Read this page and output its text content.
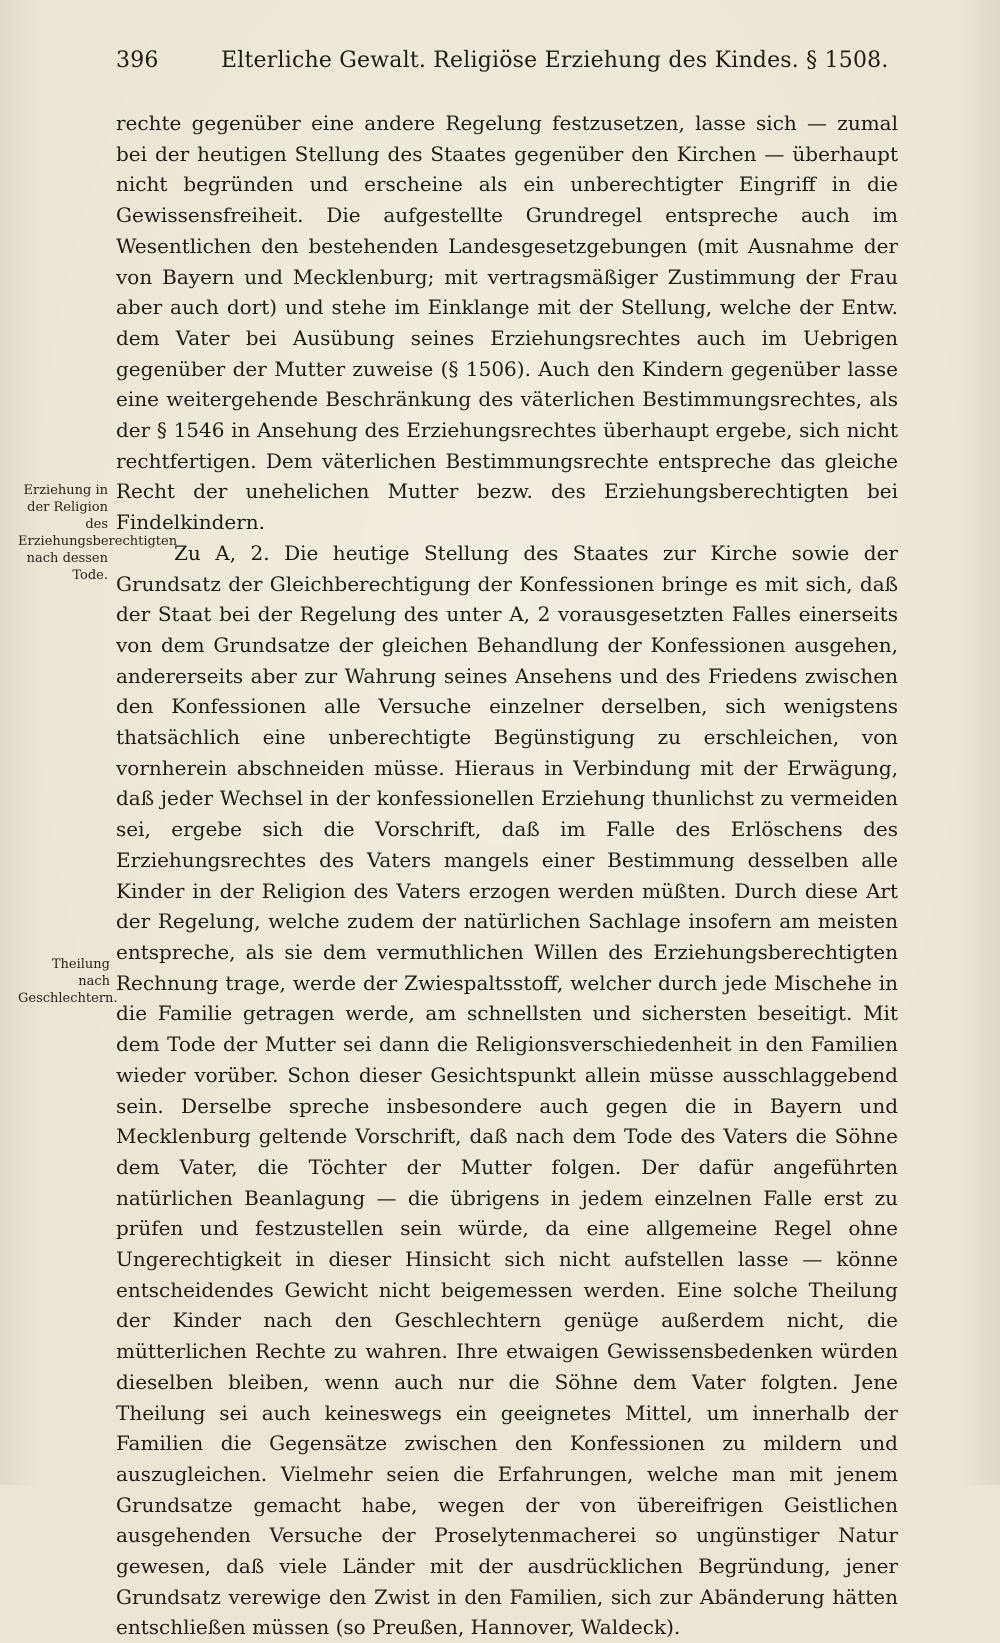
396	Elterliche Gewalt. Religiöse Erziehung des Kindes. § 1508.
Erziehung in der Religion des Erziehungsberechtigten nach dessen Tode.
Theilung nach Geschlechtern.

rechte gegenüber eine andere Regelung festzusetzen, lasse sich — zumal bei der heutigen Stellung des Staates gegenüber den Kirchen — überhaupt nicht begründen und erscheine als ein unberechtigter Eingriff in die Gewissensfreiheit. Die aufgestellte Grundregel entspreche auch im Wesentlichen den bestehenden Landesgesetzgebungen (mit Ausnahme der von Bayern und Mecklenburg; mit vertragsmäßiger Zustimmung der Frau aber auch dort) und stehe im Einklange mit der Stellung, welche der Entw. dem Vater bei Ausübung seines Erziehungsrechtes auch im Uebrigen gegenüber der Mutter zuweise (§ 1506). Auch den Kindern gegenüber lasse eine weitergehende Beschränkung des väterlichen Bestimmungsrechtes, als der § 1546 in Ansehung des Erziehungsrechtes überhaupt ergebe, sich nicht rechtfertigen. Dem väterlichen Bestimmungsrechte entspreche das gleiche Recht der unehelichen Mutter bezw. des Erziehungsberechtigten bei Findelkindern.

Zu A, 2. Die heutige Stellung des Staates zur Kirche sowie der Grundsatz der Gleichberechtigung der Konfessionen bringe es mit sich, daß der Staat bei der Regelung des unter A, 2 vorausgesetzten Falles einerseits von dem Grundsatze der gleichen Behandlung der Konfessionen ausgehen, andererseits aber zur Wahrung seines Ansehens und des Friedens zwischen den Konfessionen alle Versuche einzelner derselben, sich wenigstens thatsächlich eine unberechtigte Begünstigung zu erschleichen, von vornherein abschneiden müsse. Hieraus in Verbindung mit der Erwägung, daß jeder Wechsel in der konfessionellen Erziehung thunlichst zu vermeiden sei, ergebe sich die Vorschrift, daß im Falle des Erlöschens des Erziehungsrechtes des Vaters mangels einer Bestimmung desselben alle Kinder in der Religion des Vaters erzogen werden müßten. Durch diese Art der Regelung, welche zudem der natürlichen Sachlage insofern am meisten entspreche, als sie dem vermuthlichen Willen des Erziehungsberechtigten Rechnung trage, werde der Zwiespaltsstoff, welcher durch jede Mischehe in die Familie getragen werde, am schnellsten und sichersten beseitigt. Mit dem Tode der Mutter sei dann die Religionsverschiedenheit in den Familien wieder vorüber. Schon dieser Gesichtspunkt allein müsse ausschlaggebend sein. Derselbe spreche insbesondere auch gegen die in Bayern und Mecklenburg geltende Vorschrift, daß nach dem Tode des Vaters die Söhne dem Vater, die Töchter der Mutter folgen. Der dafür angeführten natürlichen Beanlagung — die übrigens in jedem einzelnen Falle erst zu prüfen und festzustellen sein würde, da eine allgemeine Regel ohne Ungerechtigkeit in dieser Hinsicht sich nicht aufstellen lasse — könne entscheidendes Gewicht nicht beigemessen werden. Eine solche Theilung der Kinder nach den Geschlechtern genüge außerdem nicht, die mütterlichen Rechte zu wahren. Ihre etwaigen Gewissensbedenken würden dieselben bleiben, wenn auch nur die Söhne dem Vater folgten. Jene Theilung sei auch keineswegs ein geeignetes Mittel, um innerhalb der Familien die Gegensätze zwischen den Konfessionen zu mildern und auszugleichen. Vielmehr seien die Erfahrungen, welche man mit jenem Grundsatze gemacht habe, wegen der von übereifrigen Geistlichen ausgehenden Versuche der Proselytenmacherei so ungünstiger Natur gewesen, daß viele Länder mit der ausdrücklichen Begründung, jener Grundsatz verewige den Zwist in den Familien, sich zur Abänderung hätten entschließen müssen (so Preußen, Hannover, Waldeck).
